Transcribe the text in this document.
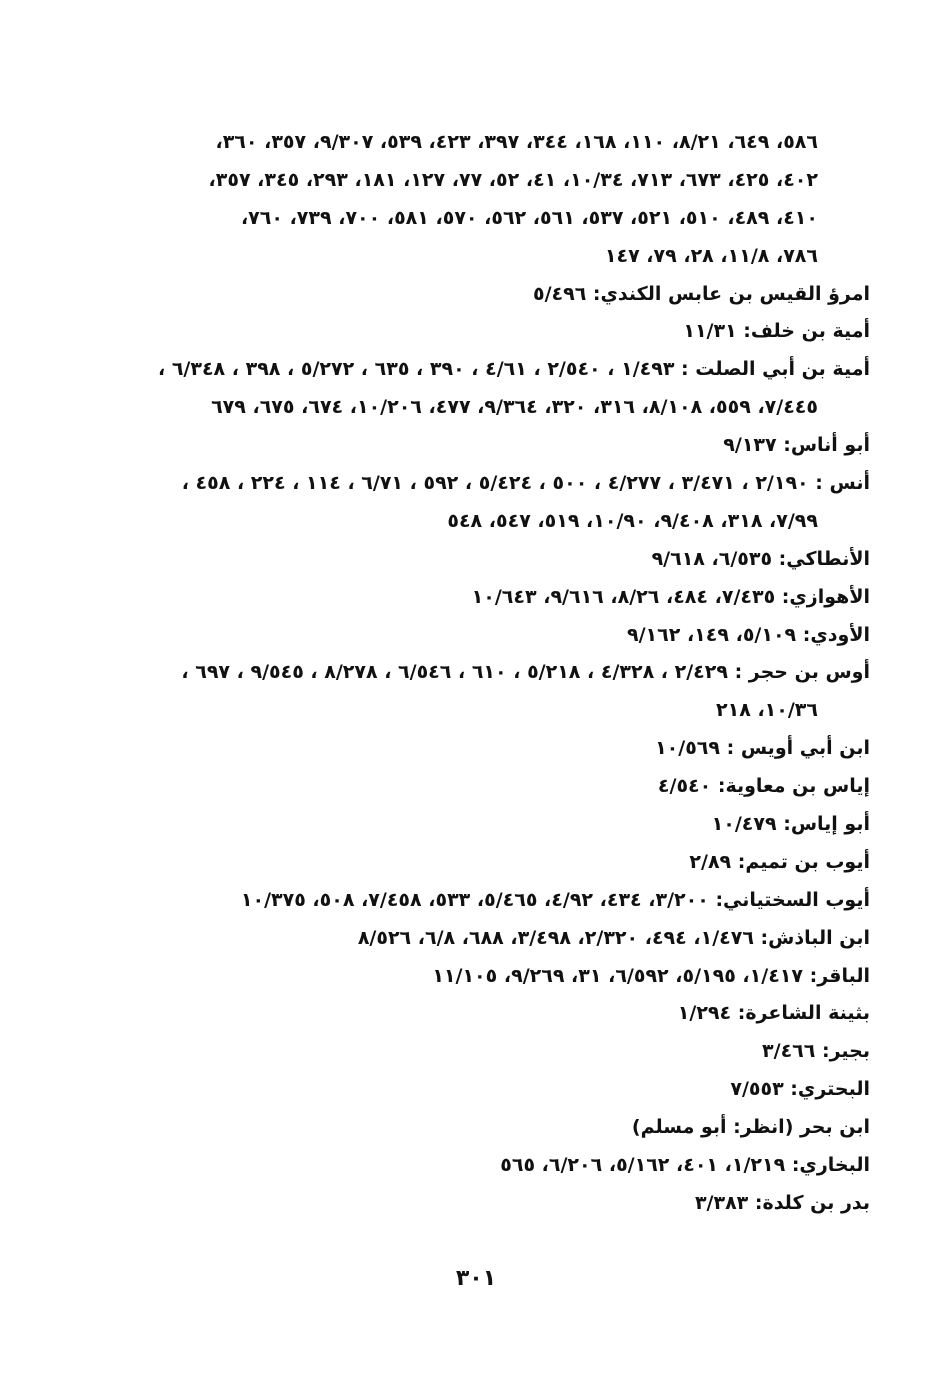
٥٨٦، ٦٤٩، ٨/٢١، ١١٠، ١٦٨، ٣٤٤، ٣٩٧، ٤٢٣، ٥٣٩، ٩/٣٠٧، ٣٥٧، ٣٦٠،
٤٠٢، ٤٢٥، ٦٧٣، ٧١٣، ١٠/٣٤، ٤١، ٥٢، ٧٧، ١٢٧، ١٨١، ٢٩٣، ٣٤٥، ٣٥٧،
٤١٠، ٤٨٩، ٥١٠، ٥٢١، ٥٣٧، ٥٦١، ٥٦٢، ٥٧٠، ٥٨١، ٧٠٠، ٧٣٩، ٧٦٠،
٧٨٦، ١١/٨، ٢٨، ٧٩، ١٤٧
امرؤ القيس بن عابس الكندي: ٥/٤٩٦
أمية بن خلف: ١١/٣١
أمية بن أبي الصلت : ١/٤٩٣ ، ٢/٥٤٠ ، ٤/٦١ ، ٣٩٠ ، ٦٣٥ ، ٥/٢٧٢ ، ٣٩٨ ، ٦/٣٤٨ ،
٧/٤٤٥، ٥٥٩، ٨/١٠٨، ٣١٦، ٣٢٠، ٩/٣٦٤، ٤٧٧، ١٠/٢٠٦، ٦٧٤، ٦٧٥، ٦٧٩
أبو أناس: ٩/١٣٧
أنس : ٢/١٩٠ ، ٣/٤٧١ ، ٤/٢٧٧ ، ٥٠٠ ، ٥/٤٢٤ ، ٥٩٢ ، ٦/٧١ ، ١١٤ ، ٢٢٤ ، ٤٥٨ ،
٧/٩٩، ٣١٨، ٩/٤٠٨، ١٠/٩٠، ٥١٩، ٥٤٧، ٥٤٨
الأنطاكي: ٦/٥٣٥، ٩/٦١٨
الأهوازي: ٧/٤٣٥، ٤٨٤، ٨/٢٦، ٩/٦١٦، ١٠/٦٤٣
الأودي: ٥/١٠٩، ١٤٩، ٩/١٦٢
أوس بن حجر : ٢/٤٢٩ ، ٤/٣٢٨ ، ٥/٢١٨ ، ٦١٠ ، ٦/٥٤٦ ، ٨/٢٧٨ ، ٩/٥٤٥ ، ٦٩٧ ،
١٠/٣٦، ٢١٨
ابن أبي أويس : ١٠/٥٦٩
إياس بن معاوية: ٤/٥٤٠
أبو إياس: ١٠/٤٧٩
أيوب بن تميم: ٢/٨٩
أيوب السختياني: ٣/٢٠٠، ٤٣٤، ٤/٩٢، ٥/٤٦٥، ٥٣٣، ٧/٤٥٨، ٥٠٨، ١٠/٣٧٥
ابن الباذش: ١/٤٧٦، ٤٩٤، ٢/٣٢٠، ٣/٤٩٨، ٦٨٨، ٦/٨، ٨/٥٢٦
الباقر: ١/٤١٧، ٥/١٩٥، ٦/٥٩٢، ٣١، ٩/٢٦٩، ١١/١٠٥
بثينة الشاعرة: ١/٢٩٤
بجير: ٣/٤٦٦
البحتري: ٧/٥٥٣
ابن بحر (انظر: أبو مسلم)
البخاري: ١/٢١٩، ٤٠١، ٥/١٦٢، ٦/٢٠٦، ٥٦٥
بدر بن كلدة: ٣/٣٨٣
٣٠١
